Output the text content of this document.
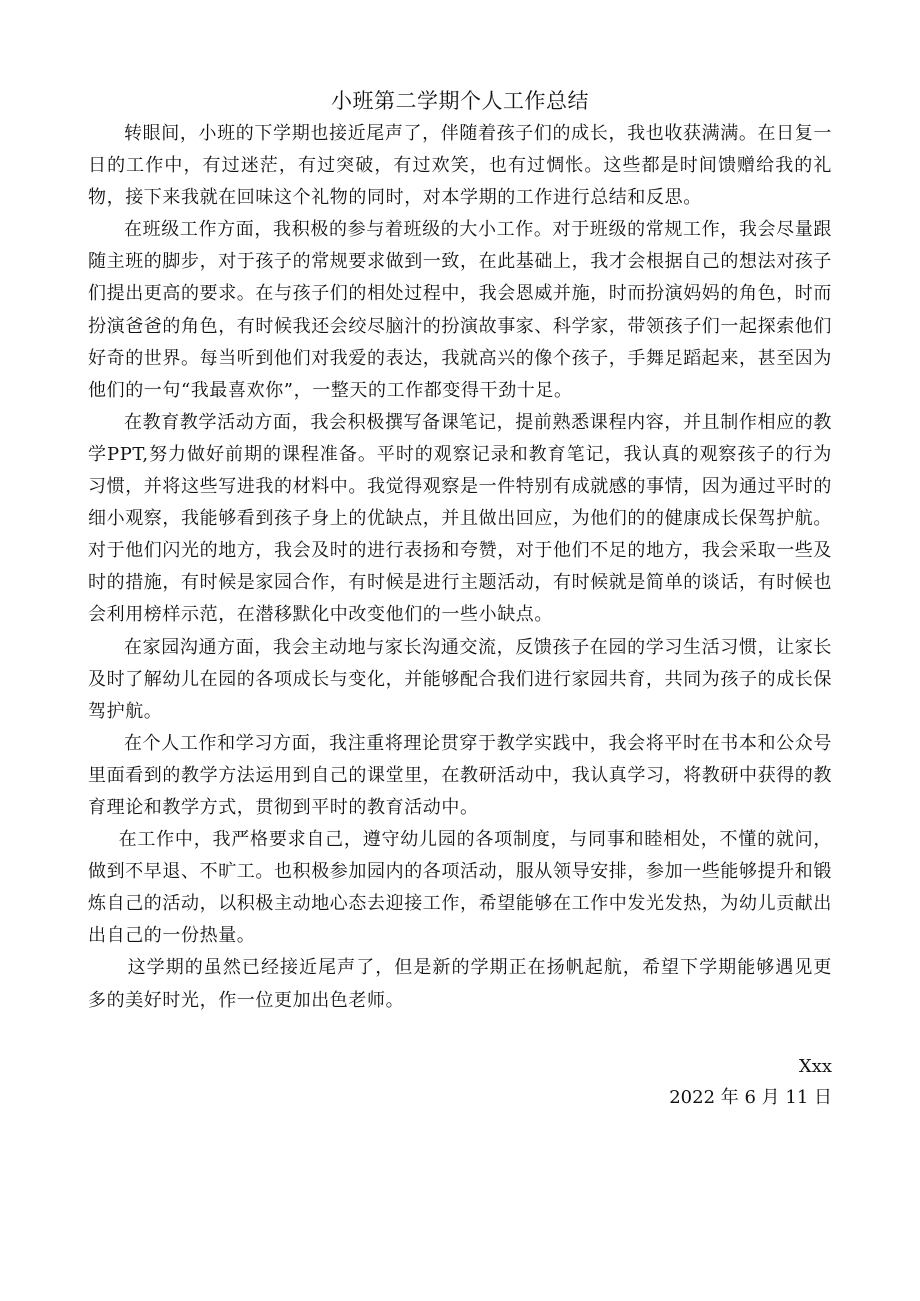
小班第二学期个人工作总结

转眼间，小班的下学期也接近尾声了，伴随着孩子们的成长，我也收获满满。在日复一日的工作中，有过迷茫，有过突破，有过欢笑，也有过惆怅。这些都是时间馈赠给我的礼物，接下来我就在回味这个礼物的同时，对本学期的工作进行总结和反思。

在班级工作方面，我积极的参与着班级的大小工作。对于班级的常规工作，我会尽量跟随主班的脚步，对于孩子的常规要求做到一致，在此基础上，我才会根据自己的想法对孩子们提出更高的要求。在与孩子们的相处过程中，我会恩威并施，时而扮演妈妈的角色，时而扮演爸爸的角色，有时候我还会绞尽脑汁的扮演故事家、科学家，带领孩子们一起探索他们好奇的世界。每当听到他们对我爱的表达，我就高兴的像个孩子，手舞足蹈起来，甚至因为他们的一句“我最喜欢你”，一整天的工作都变得干劲十足。

在教育教学活动方面，我会积极撰写备课笔记，提前熟悉课程内容，并且制作相应的教学PPT,努力做好前期的课程准备。平时的观察记录和教育笔记，我认真的观察孩子的行为习惯，并将这些写进我的材料中。我觉得观察是一件特别有成就感的事情，因为通过平时的细小观察，我能够看到孩子身上的优缺点，并且做出回应，为他们的的健康成长保驾护航。对于他们闪光的地方，我会及时的进行表扬和夸赞，对于他们不足的地方，我会采取一些及时的措施，有时候是家园合作，有时候是进行主题活动，有时候就是简单的谈话，有时候也会利用榜样示范，在潜移默化中改变他们的一些小缺点。

在家园沟通方面，我会主动地与家长沟通交流，反馈孩子在园的学习生活习惯，让家长及时了解幼儿在园的各项成长与变化，并能够配合我们进行家园共育，共同为孩子的成长保驾护航。

在个人工作和学习方面，我注重将理论贯穿于教学实践中，我会将平时在书本和公众号里面看到的教学方法运用到自己的课堂里，在教研活动中，我认真学习，将教研中获得的教育理论和教学方式，贯彻到平时的教育活动中。

在工作中，我严格要求自己，遵守幼儿园的各项制度，与同事和睦相处，不懂的就问，做到不早退、不旷工。也积极参加园内的各项活动，服从领导安排，参加一些能够提升和锻炼自己的活动，以积极主动地心态去迎接工作，希望能够在工作中发光发热，为幼儿贡献出出自己的一份热量。

这学期的虽然已经接近尾声了，但是新的学期正在扬帆起航，希望下学期能够遇见更多的美好时光，作一位更加出色老师。

Xxx
2022 年 6 月 11 日
